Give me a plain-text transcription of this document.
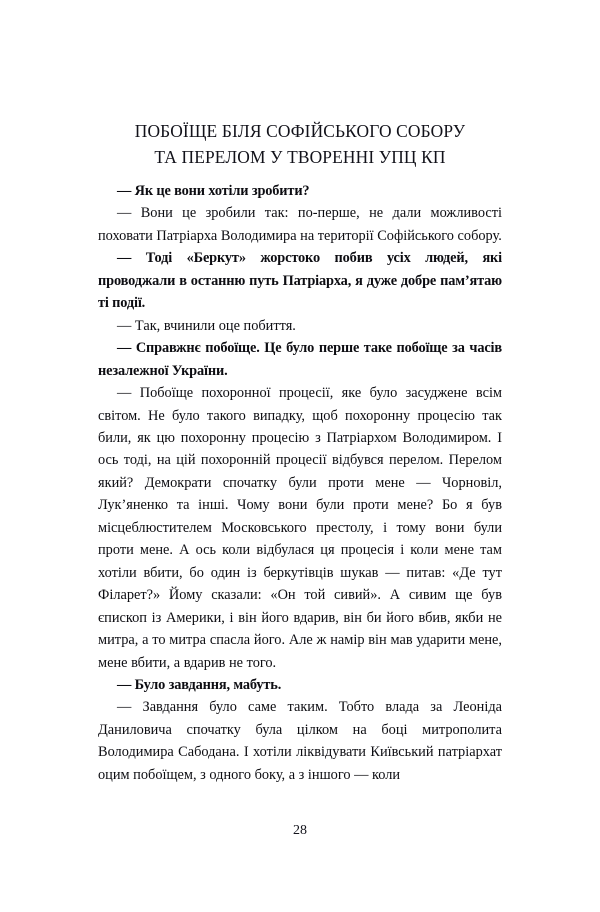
ПОБОЇЩЕ БІЛЯ СОФІЙСЬКОГО СОБОРУ
ТА ПЕРЕЛОМ У ТВОРЕННІ УПЦ КП

— Як це вони хотіли зробити?

— Вони це зробили так: по-перше, не дали можливості поховати Патріарха Володимира на території Софійського собору.

— Тоді «Беркут» жорстоко побив усіх людей, які проводжали в останню путь Патріарха, я дуже добре пам’ятаю ті події.

— Так, вчинили оце побиття.

— Справжнє побоїще. Це було перше таке побоїще за часів незалежної України.

— Побоїще похоронної процесії, яке було засуджене всім світом. Не було такого випадку, щоб похоронну процесію так били, як цю похоронну процесію з Патріархом Володимиром. І ось тоді, на цій похоронній процесії відбувся перелом. Перелом який? Демократи спочатку були проти мене — Чорновіл, Лук’яненко та інші. Чому вони були проти мене? Бо я був місцеблюстителем Московського престолу, і тому вони були проти мене. А ось коли відбулася ця процесія і коли мене там хотіли вбити, бо один із беркутівців шукав — питав: «Де тут Філарет?» Йому сказали: «Он той сивий». А сивим ще був єпископ із Америки, і він його вдарив, він би його вбив, якби не митра, а то митра спасла його. Але ж намір він мав ударити мене, мене вбити, а вдарив не того.

— Було завдання, мабуть.

— Завдання було саме таким. Тобто влада за Леоніда Даниловича спочатку була цілком на боці митрополита Володимира Сабодана. І хотіли ліквідувати Київський патріархат оцим побоїщем, з одного боку, а з іншого — коли

28
